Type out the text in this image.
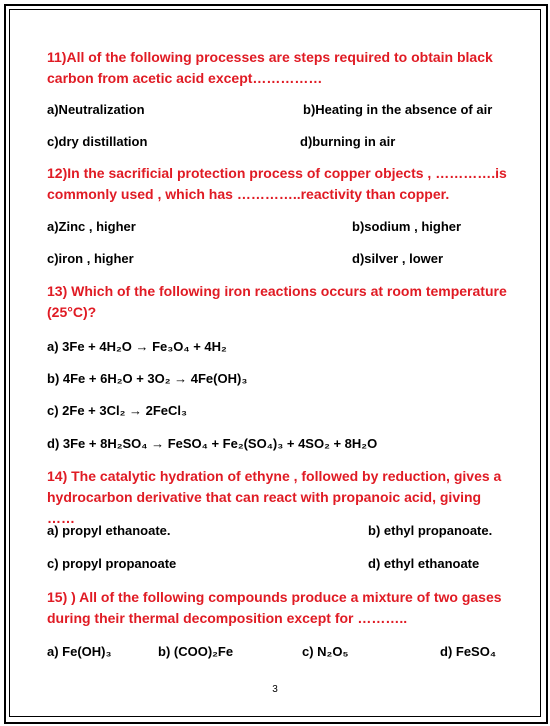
11)All of the following processes are steps required to obtain black carbon from acetic acid except……………
a)Neutralization	b)Heating in the absence of air
c)dry distillation	d)burning in air
12)In the sacrificial protection process of copper objects , ………….is commonly used , which has …………..reactivity than copper.
a)Zinc , higher	b)sodium , higher
c)iron , higher	d)silver , lower
13) Which of the following iron reactions occurs at room temperature (25°C)?
a) 3Fe + 4H₂O → Fe₃O₄ + 4H₂
b) 4Fe + 6H₂O + 3O₂ → 4Fe(OH)₃
c) 2Fe + 3Cl₂ → 2FeCl₃
d) 3Fe + 8H₂SO₄ → FeSO₄ + Fe₂(SO₄)₃ + 4SO₂ + 8H₂O
14) The catalytic hydration of ethyne , followed by reduction, gives a hydrocarbon derivative that can react with propanoic acid, giving ……
a) propyl ethanoate.	b) ethyl propanoate.
c) propyl propanoate	d) ethyl ethanoate
15) ) All of the following compounds produce a mixture of two gases during their thermal decomposition except for ………..
a) Fe(OH)₃	b) (COO)₂Fe	c) N₂O₅	d) FeSO₄
3
